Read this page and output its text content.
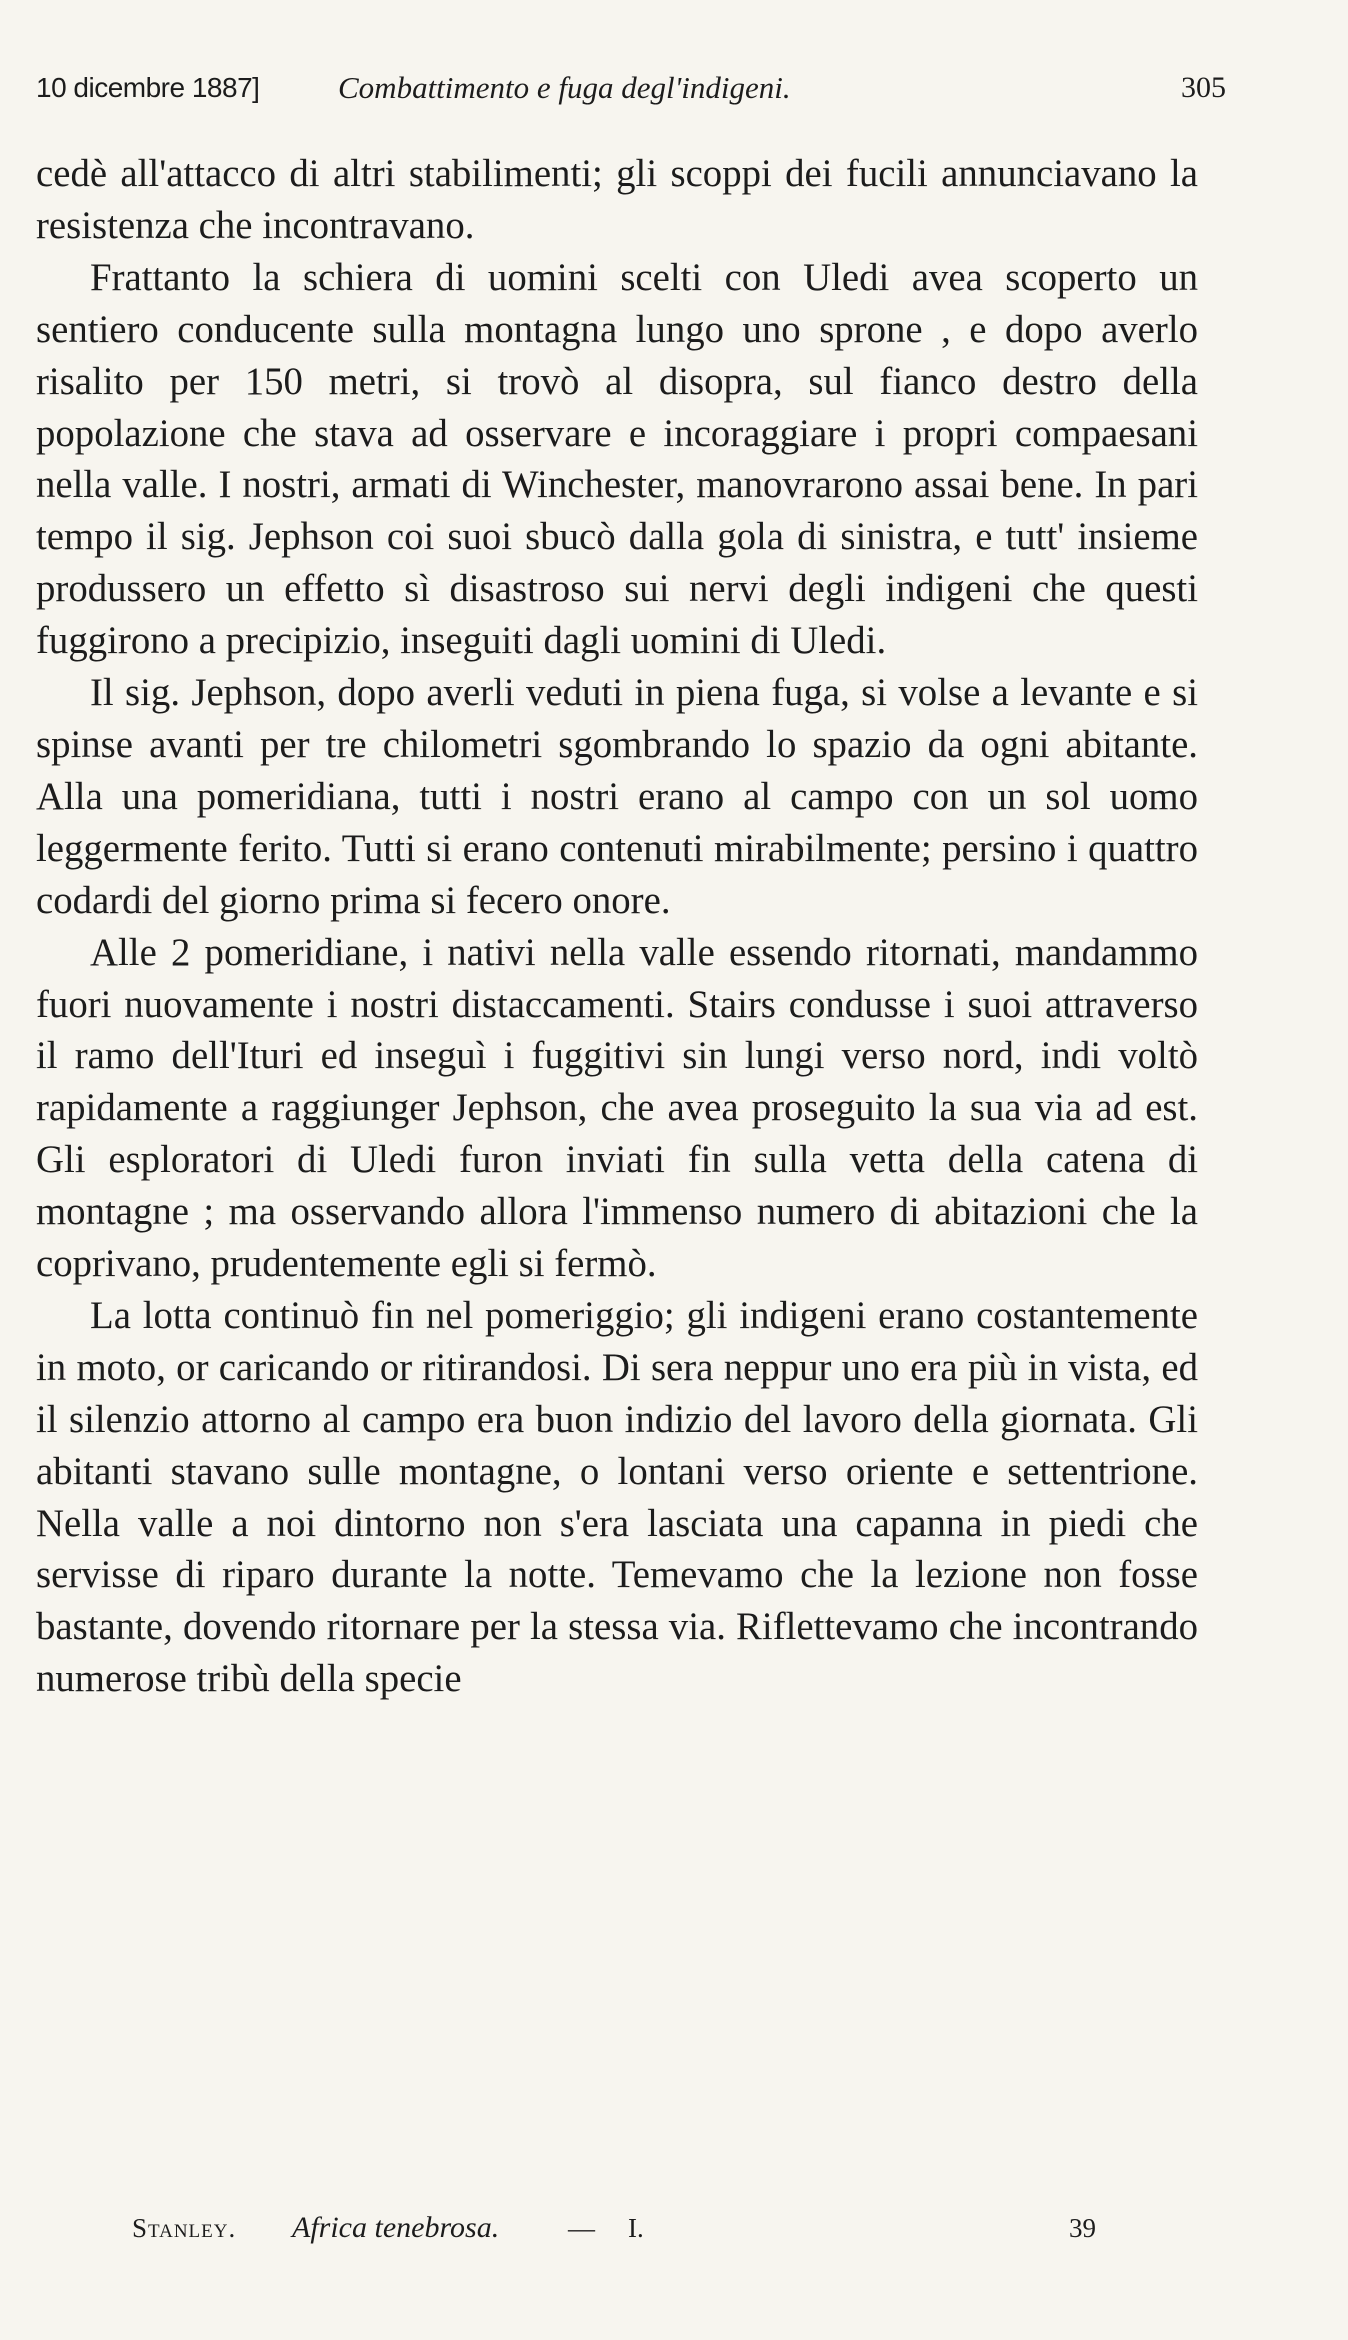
10 dicembre 1887]	Combattimento e fuga degl'indigeni.	305

cedè all'attacco di altri stabilimenti; gli scoppi dei fucili annunciavano la resistenza che incontravano.

Frattanto la schiera di uomini scelti con Uledi avea scoperto un sentiero conducente sulla montagna lungo uno sprone , e dopo averlo risalito per 150 metri, si trovò al disopra, sul fianco destro della popolazione che stava ad osservare e incoraggiare i propri compaesani nella valle. I nostri, armati di Winchester, manovrarono assai bene. In pari tempo il sig. Jephson coi suoi sbucò dalla gola di sinistra, e tutt' insieme produssero un effetto sì disastroso sui nervi degli indigeni che questi fuggirono a precipizio, inseguiti dagli uomini di Uledi.

Il sig. Jephson, dopo averli veduti in piena fuga, si volse a levante e si spinse avanti per tre chilometri sgombrando lo spazio da ogni abitante. Alla una pomeridiana, tutti i nostri erano al campo con un sol uomo leggermente ferito. Tutti si erano contenuti mirabilmente; persino i quattro codardi del giorno prima si fecero onore.

Alle 2 pomeridiane, i nativi nella valle essendo ritornati, mandammo fuori nuovamente i nostri distaccamenti. Stairs condusse i suoi attraverso il ramo dell'Ituri ed inseguì i fuggitivi sin lungi verso nord, indi voltò rapidamente a raggiunger Jephson, che avea proseguito la sua via ad est. Gli esploratori di Uledi furon inviati fin sulla vetta della catena di montagne ; ma osservando allora l'immenso numero di abitazioni che la coprivano, prudentemente egli si fermò.

La lotta continuò fin nel pomeriggio; gli indigeni erano costantemente in moto, or caricando or ritirandosi. Di sera neppur uno era più in vista, ed il silenzio attorno al campo era buon indizio del lavoro della giornata. Gli abitanti stavano sulle montagne, o lontani verso oriente e settentrione. Nella valle a noi dintorno non s'era lasciata una capanna in piedi che servisse di riparo durante la notte. Temevamo che la lezione non fosse bastante, dovendo ritornare per la stessa via. Riflettevamo che incontrando numerose tribù della specie

Stanley. Africa tenebrosa.	— I.	39
